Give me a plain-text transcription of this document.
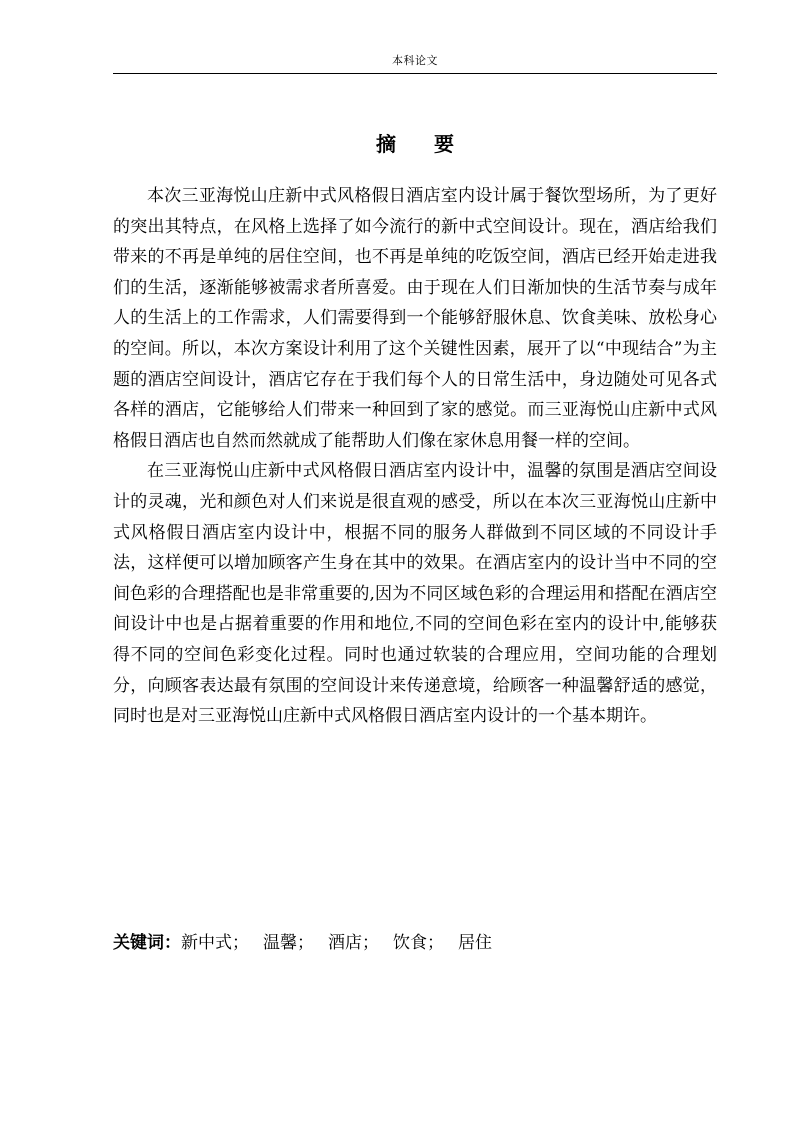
本科论文
摘 要

本次三亚海悦山庄新中式风格假日酒店室内设计属于餐饮型场所，为了更好的突出其特点，在风格上选择了如今流行的新中式空间设计。现在，酒店给我们带来的不再是单纯的居住空间，也不再是单纯的吃饭空间，酒店已经开始走进我们的生活，逐渐能够被需求者所喜爱。由于现在人们日渐加快的生活节奏与成年人的生活上的工作需求，人们需要得到一个能够舒服休息、饮食美味、放松身心的空间。所以，本次方案设计利用了这个关键性因素，展开了以“中现结合”为主题的酒店空间设计，酒店它存在于我们每个人的日常生活中，身边随处可见各式各样的酒店，它能够给人们带来一种回到了家的感觉。而三亚海悦山庄新中式风格假日酒店也自然而然就成了能帮助人们像在家休息用餐一样的空间。

在三亚海悦山庄新中式风格假日酒店室内设计中，温馨的氛围是酒店空间设计的灵魂，光和颜色对人们来说是很直观的感受，所以在本次三亚海悦山庄新中式风格假日酒店室内设计中，根据不同的服务人群做到不同区域的不同设计手法，这样便可以增加顾客产生身在其中的效果。在酒店室内的设计当中不同的空间色彩的合理搭配也是非常重要的,因为不同区域色彩的合理运用和搭配在酒店空间设计中也是占据着重要的作用和地位,不同的空间色彩在室内的设计中,能够获得不同的空间色彩变化过程。同时也通过软装的合理应用，空间功能的合理划分，向顾客表达最有氛围的空间设计来传递意境，给顾客一种温馨舒适的感觉，同时也是对三亚海悦山庄新中式风格假日酒店室内设计的一个基本期许。

关键词：新中式； 温馨； 酒店； 饮食； 居住
